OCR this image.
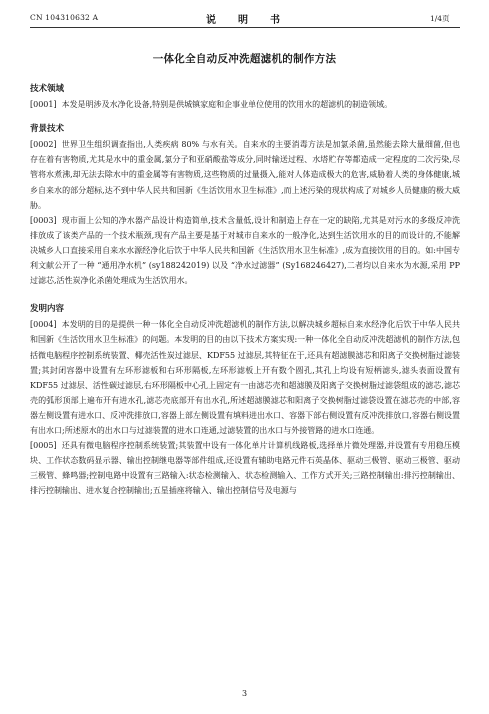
CN 104310632 A	说　明　书	1/4页
一体化全自动反冲洗超滤机的制作方法

技术领域

[0001] 本发是明涉及水净化设备,特别是供城镇家庭和企事业单位使用的饮用水的超滤机的制造领域。

背景技术

[0002] 世界卫生组织调查指出,人类疾病 80% 与水有关。自来水的主要消毒方法是加氯杀菌,虽然能去除大量细菌,但也存在着有害物质,尤其是水中的重金属,氯分子和亚硝酸盐等成分,同时输送过程、水塔贮存等都造成一定程度的二次污染,尽管将水煮沸,却无法去除水中的重金属等有害物质,这些物质的过量摄入,能对人体造成极大的危害,威胁着人类的身体健康,城乡自来水的部分超标,达不到中华人民共和国新《生活饮用水卫生标准》,而上述污染的现状构成了对城乡人员健康的极大威胁。

[0003] 现市面上公知的净水器产品设计构造简单,技术含量低,设计和制造上存在一定的缺陷,尤其是对污水的多级反冲洗排放成了该类产品的一个技术瓶颈,现有产品主要是基于对城市自来水的一般净化,达到生活饮用水的目的而设计的,不能解决城乡人口直接采用自来水水源经净化后饮于中华人民共和国新《生活饮用水卫生标准》,成为直接饮用的目的。如:中国专利文献公开了一种 “通用净水机” (sy188242019) 以及 “净水过滤器” (Sy168246427),二者均以自来水为水源,采用 PP 过滤芯,活性炭净化杀菌处理成为生活饮用水。

发明内容

[0004] 本发明的目的是提供一种一体化全自动反冲洗超滤机的制作方法,以解决城乡超标自来水经净化后饮于中华人民共和国新《生活饮用水卫生标准》的问题。本发明的目的由以下技术方案实现:一种一体化全自动反冲洗超滤机的制作方法,包括微电脑程序控制系统装置、椰壳活性炭过滤层、KDF55 过滤层,其特征在于,还具有超滤膜滤芯和阳离子交换树脂过滤装置;其封闭容器中设置有左环形滤板和右环形隔板,左环形滤板上开有数个圆孔,其孔上均设有短柄滤头,滤头表面设置有 KDF55 过滤层、活性碳过滤层,右环形隔板中心孔上固定有一由滤芯壳和超滤膜及阳离子交换树脂过滤袋组成的滤芯,滤芯壳的弧形顶部上遍布开有进水孔,滤芯壳底部开有出水孔,所述超滤膜滤芯和阳离子交换树脂过滤袋设置在滤芯壳的中部,容器左侧设置有进水口、反冲洗排放口,容器上部左侧设置有填料进出水口、容器下部右侧设置有反冲洗排放口,容器右侧设置有出水口;所述原水的出水口与过滤装置的进水口连通,过滤装置的出水口与外接管路的进水口连通。

[0005] 还具有微电脑程序控制系统装置;其装置中设有一体化单片计算机线路板,选择单片微处理器,并设置有专用稳压模块、工作状态数码显示器、输出控制继电器等部件组成,还设置有辅助电路元件石英晶体、驱动三极管、驱动三极管、驱动三极管、蜂鸣器;控制电路中设置有三路输入:状态检测输入、状态检测输入、工作方式开关;三路控制输出:排污控制输出、排污控制输出、进水复合控制输出;五星插座将输入、输出控制信号及电源与

3
